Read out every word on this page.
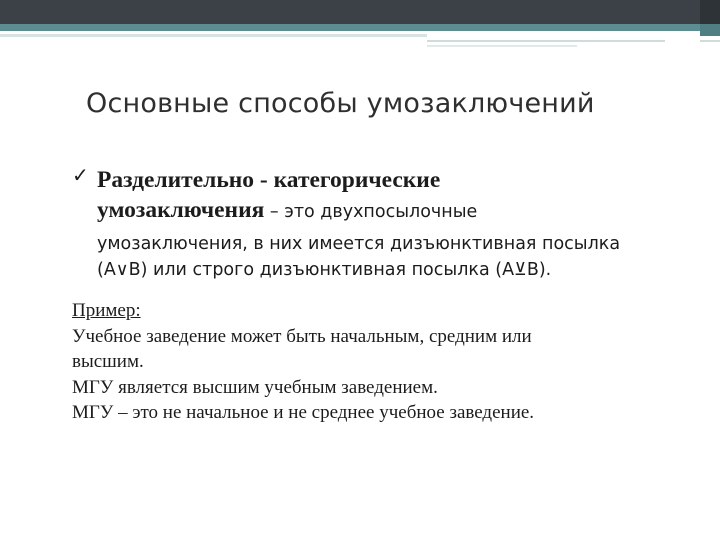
Основные способы умозаключений
✓ Разделительно - категорические
умозаключения – это двухпосылочные
умозаключения, в них имеется дизъюнктивная посылка
(A∨B) или строго дизъюнктивная посылка (A⊻B).
Пример:
Учебное заведение может быть начальным, средним или
высшим.
МГУ является высшим учебным заведением.
МГУ – это не начальное и не среднее учебное заведение.
